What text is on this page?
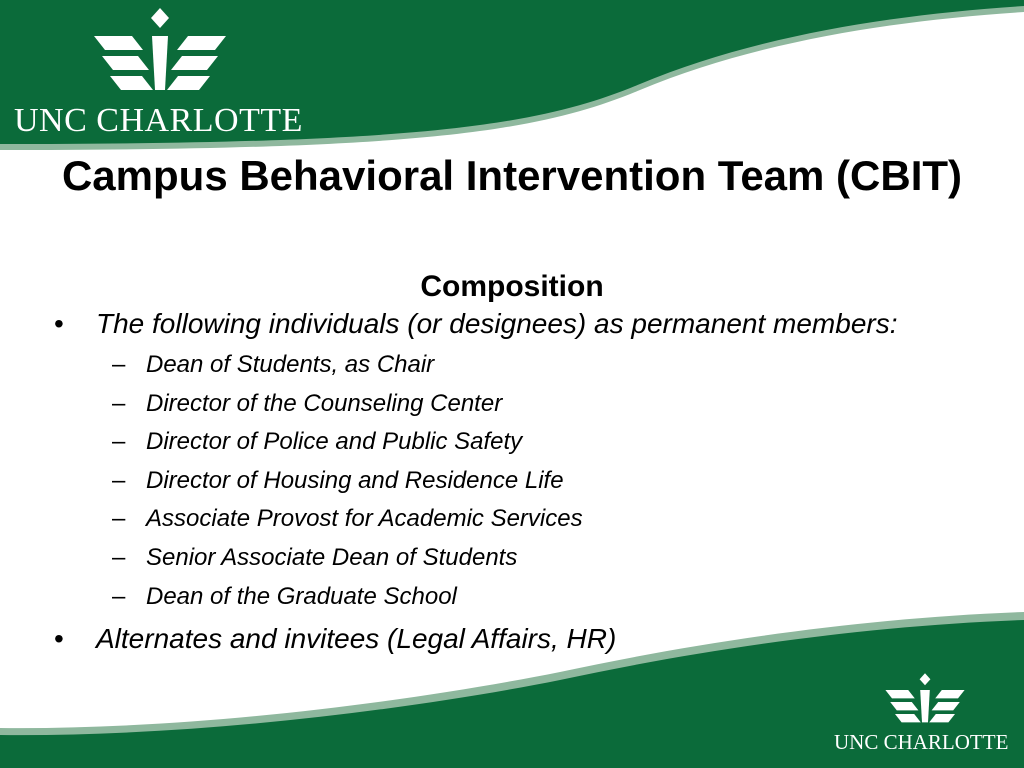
UNC CHARLOTTE
Campus Behavioral Intervention Team (CBIT)
Composition
• The following individuals (or designees) as permanent members:
– Dean of Students, as Chair
– Director of the Counseling Center
– Director of Police and Public Safety
– Director of Housing and Residence Life
– Associate Provost for Academic Services
– Senior Associate Dean of Students
– Dean of the Graduate School
• Alternates and invitees (Legal Affairs, HR)
UNC CHARLOTTE
